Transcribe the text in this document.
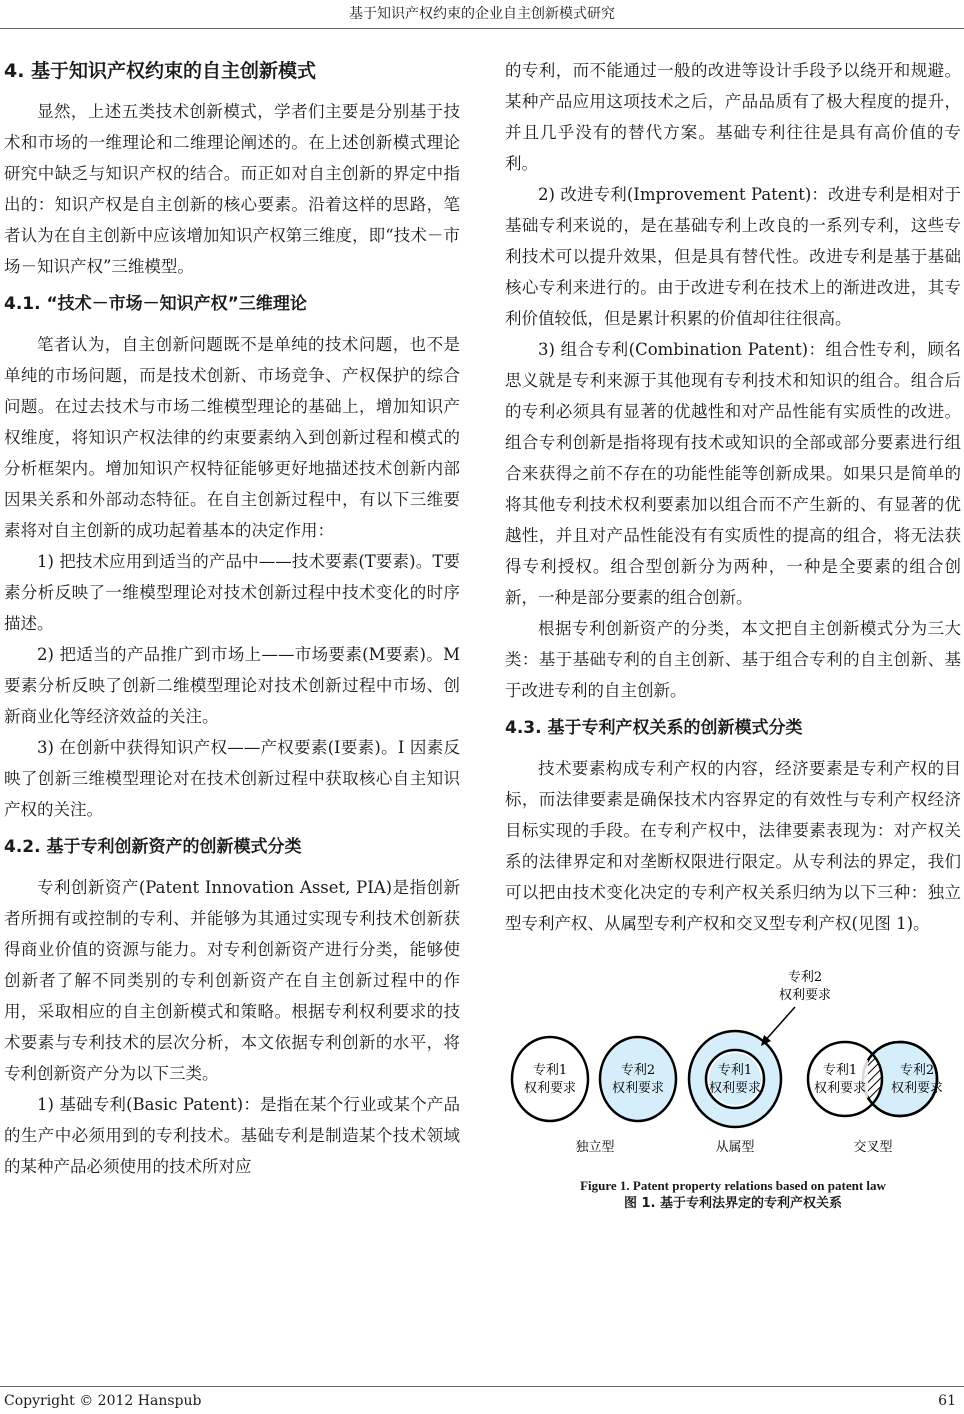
基于知识产权约束的企业自主创新模式研究
4. 基于知识产权约束的自主创新模式

显然，上述五类技术创新模式，学者们主要是分别基于技术和市场的一维理论和二维理论阐述的。在上述创新模式理论研究中缺乏与知识产权的结合。而正如对自主创新的界定中指出的：知识产权是自主创新的核心要素。沿着这样的思路，笔者认为在自主创新中应该增加知识产权第三维度，即“技术－市场－知识产权”三维模型。

4.1. “技术－市场－知识产权”三维理论

笔者认为，自主创新问题既不是单纯的技术问题，也不是单纯的市场问题，而是技术创新、市场竞争、产权保护的综合问题。在过去技术与市场二维模型理论的基础上，增加知识产权维度，将知识产权法律的约束要素纳入到创新过程和模式的分析框架内。增加知识产权特征能够更好地描述技术创新内部因果关系和外部动态特征。在自主创新过程中，有以下三维要素将对自主创新的成功起着基本的决定作用：

1) 把技术应用到适当的产品中——技术要素(T要素)。T要素分析反映了一维模型理论对技术创新过程中技术变化的时序描述。

2) 把适当的产品推广到市场上——市场要素(M要素)。M 要素分析反映了创新二维模型理论对技术创新过程中市场、创新商业化等经济效益的关注。

3) 在创新中获得知识产权——产权要素(I要素)。I 因素反映了创新三维模型理论对在技术创新过程中获取核心自主知识产权的关注。

4.2. 基于专利创新资产的创新模式分类

专利创新资产(Patent Innovation Asset, PIA)是指创新者所拥有或控制的专利、并能够为其通过实现专利技术创新获得商业价值的资源与能力。对专利创新资产进行分类，能够使创新者了解不同类别的专利创新资产在自主创新过程中的作用，采取相应的自主创新模式和策略。根据专利权利要求的技术要素与专利技术的层次分析，本文依据专利创新的水平，将专利创新资产分为以下三类。

1) 基础专利(Basic Patent)：是指在某个行业或某个产品的生产中必须用到的专利技术。基础专利是制造某个技术领域的某种产品必须使用的技术所对应

的专利，而不能通过一般的改进等设计手段予以绕开和规避。某种产品应用这项技术之后，产品品质有了极大程度的提升，并且几乎没有的替代方案。基础专利往往是具有高价值的专利。

2) 改进专利(Improvement Patent)：改进专利是相对于基础专利来说的，是在基础专利上改良的一系列专利，这些专利技术可以提升效果，但是具有替代性。改进专利是基于基础核心专利来进行的。由于改进专利在技术上的渐进改进，其专利价值较低，但是累计积累的价值却往往很高。

3) 组合专利(Combination Patent)：组合性专利，顾名思义就是专利来源于其他现有专利技术和知识的组合。组合后的专利必须具有显著的优越性和对产品性能有实质性的改进。组合专利创新是指将现有技术或知识的全部或部分要素进行组合来获得之前不存在的功能性能等创新成果。如果只是简单的将其他专利技术权利要素加以组合而不产生新的、有显著的优越性，并且对产品性能没有有实质性的提高的组合，将无法获得专利授权。组合型创新分为两种，一种是全要素的组合创新，一种是部分要素的组合创新。

根据专利创新资产的分类，本文把自主创新模式分为三大类：基于基础专利的自主创新、基于组合专利的自主创新、基于改进专利的自主创新。

4.3. 基于专利产权关系的创新模式分类

技术要素构成专利产权的内容，经济要素是专利产权的目标，而法律要素是确保技术内容界定的有效性与专利产权经济目标实现的手段。在专利产权中，法律要素表现为：对产权关系的法律界定和对垄断权限进行限定。从专利法的界定，我们可以把由技术变化决定的专利产权关系归纳为以下三种：独立型专利产权、从属型专利产权和交叉型专利产权(见图 1)。

专利1
权利要求
专利2
权利要求
独立型
专利1
权利要求
专利2
权利要求
从属型
专利1
权利要求
专利2
权利要求
交叉型
Figure 1. Patent property relations based on patent law
图 1. 基于专利法界定的专利产权关系
Copyright © 2012 Hanspub	61
